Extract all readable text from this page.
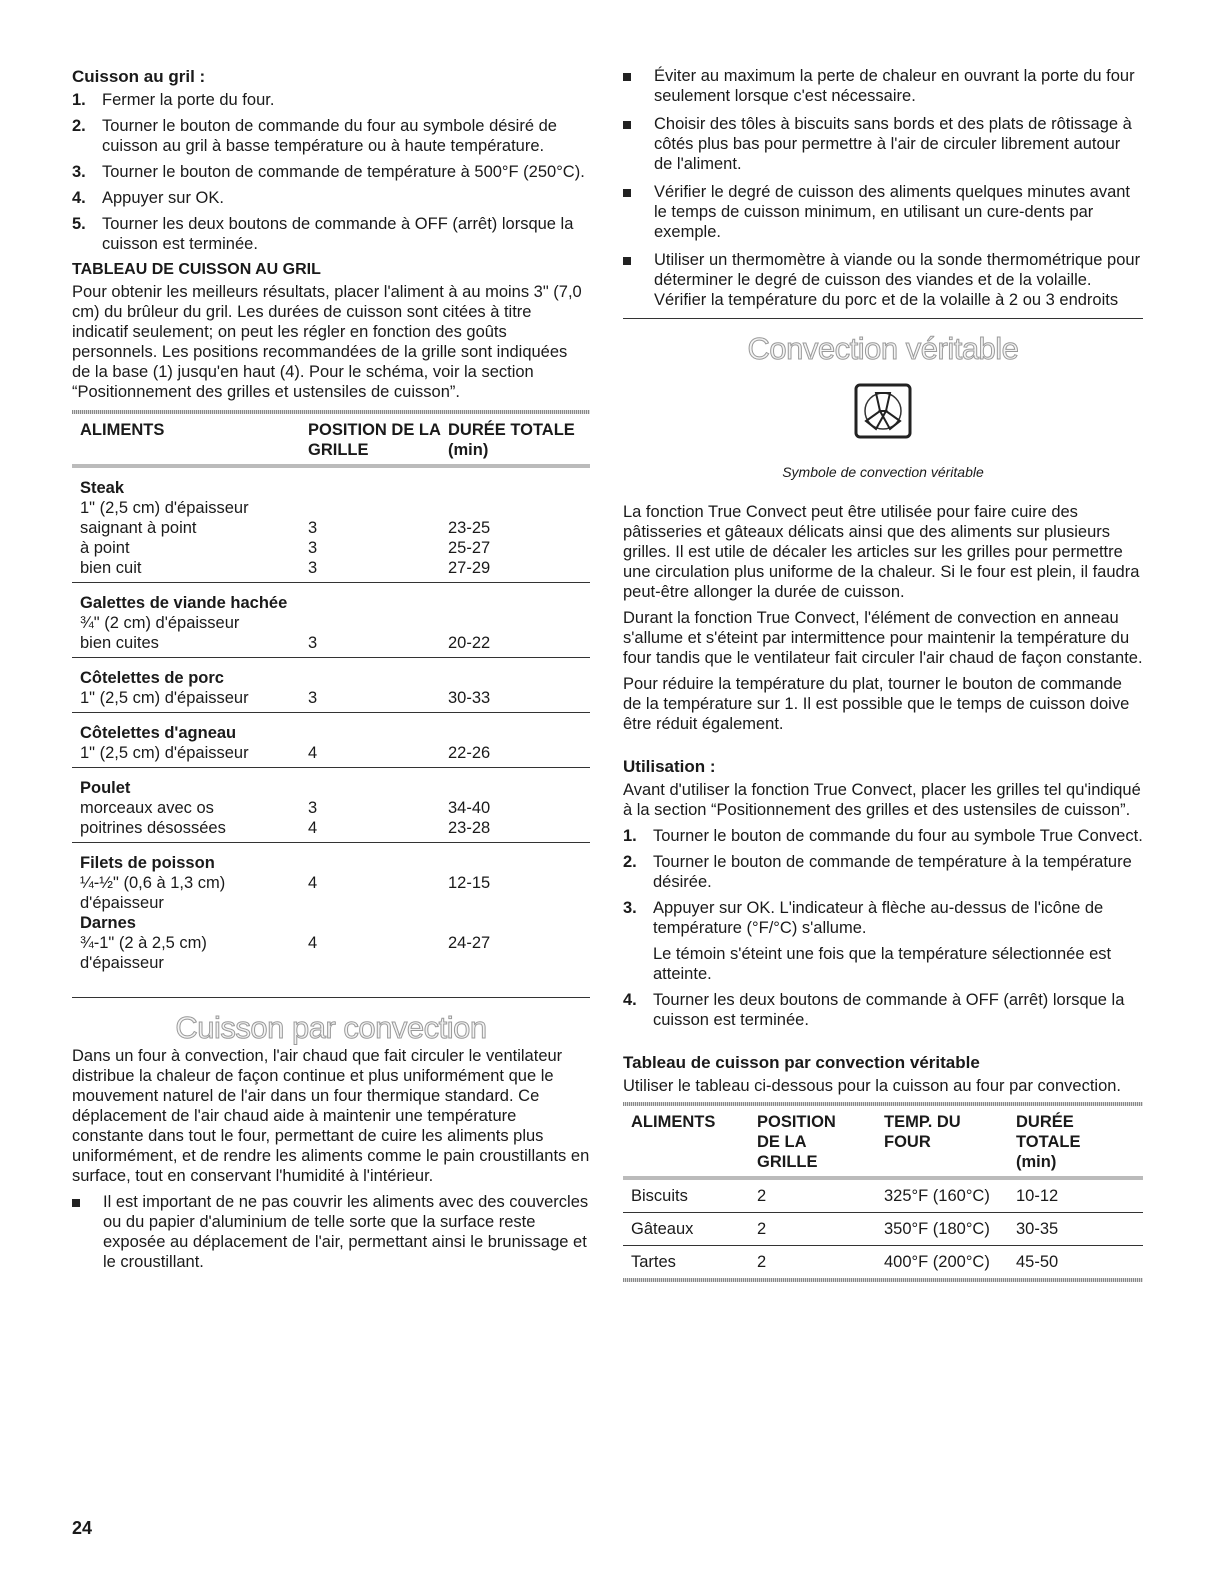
Cuisson au gril :
1. Fermer la porte du four.
2. Tourner le bouton de commande du four au symbole désiré de cuisson au gril à basse température ou à haute température.
3. Tourner le bouton de commande de température à 500°F (250°C).
4. Appuyer sur OK.
5. Tourner les deux boutons de commande à OFF (arrêt) lorsque la cuisson est terminée.
TABLEAU DE CUISSON AU GRIL

Pour obtenir les meilleurs résultats, placer l'aliment à au moins 3" (7,0 cm) du brûleur du gril. Les durées de cuisson sont citées à titre indicatif seulement; on peut les régler en fonction des goûts personnels. Les positions recommandées de la grille sont indiquées de la base (1) jusqu'en haut (4). Pour le schéma, voir la section “Positionnement des grilles et ustensiles de cuisson”.

ALIMENTS	POSITION DE LA GRILLE	DURÉE TOTALE (min)
Steak		
1" (2,5 cm) d'épaisseur		
saignant à point	3	23-25
à point	3	25-27
bien cuit	3	27-29
Galettes de viande hachée		
¾" (2 cm) d'épaisseur		
bien cuites	3	20-22
Côtelettes de porc		
1" (2,5 cm) d'épaisseur	3	30-33
Côtelettes d'agneau		
1" (2,5 cm) d'épaisseur	4	22-26
Poulet		
morceaux avec os	3	34-40
poitrines désossées	4	23-28
Filets de poisson		
¼-½" (0,6 à 1,3 cm)	4	12-15
d'épaisseur		
Darnes		
¾-1" (2 à 2,5 cm)	4	24-27
d'épaisseur		
Cuisson par convection

Dans un four à convection, l'air chaud que fait circuler le ventilateur distribue la chaleur de façon continue et plus uniformément que le mouvement naturel de l'air dans un four thermique standard. Ce déplacement de l'air chaud aide à maintenir une température constante dans tout le four, permettant de cuire les aliments plus uniformément, et de rendre les aliments comme le pain croustillants en surface, tout en conservant l'humidité à l'intérieur.

Il est important de ne pas couvrir les aliments avec des couvercles ou du papier d'aluminium de telle sorte que la surface reste exposée au déplacement de l'air, permettant ainsi le brunissage et le croustillant.
Éviter au maximum la perte de chaleur en ouvrant la porte du four seulement lorsque c'est nécessaire.
Choisir des tôles à biscuits sans bords et des plats de rôtissage à côtés plus bas pour permettre à l'air de circuler librement autour de l'aliment.
Vérifier le degré de cuisson des aliments quelques minutes avant le temps de cuisson minimum, en utilisant un cure-dents par exemple.
Utiliser un thermomètre à viande ou la sonde thermométrique pour déterminer le degré de cuisson des viandes et de la volaille. Vérifier la température du porc et de la volaille à 2 ou 3 endroits
Convection véritable
Symbole de convection véritable

La fonction True Convect peut être utilisée pour faire cuire des pâtisseries et gâteaux délicats ainsi que des aliments sur plusieurs grilles. Il est utile de décaler les articles sur les grilles pour permettre une circulation plus uniforme de la chaleur. Si le four est plein, il faudra peut-être allonger la durée de cuisson.

Durant la fonction True Convect, l'élément de convection en anneau s'allume et s'éteint par intermittence pour maintenir la température du four tandis que le ventilateur fait circuler l'air chaud de façon constante.

Pour réduire la température du plat, tourner le bouton de commande de la température sur 1. Il est possible que le temps de cuisson doive être réduit également.

Utilisation :

Avant d'utiliser la fonction True Convect, placer les grilles tel qu'indiqué à la section “Positionnement des grilles et des ustensiles de cuisson”.

1. Tourner le bouton de commande du four au symbole True Convect.
2. Tourner le bouton de commande de température à la température désirée.
3. Appuyer sur OK. L'indicateur à flèche au-dessus de l'icône de température (°F/°C) s'allume.
Le témoin s'éteint une fois que la température sélectionnée est atteinte.
4. Tourner les deux boutons de commande à OFF (arrêt) lorsque la cuisson est terminée.
Tableau de cuisson par convection véritable

Utiliser le tableau ci-dessous pour la cuisson au four par convection.

ALIMENTS	POSITION DE LA GRILLE	TEMP. DU FOUR	DURÉE TOTALE (min)
Biscuits	2	325°F (160°C)	10-12
Gâteaux	2	350°F (180°C)	30-35
Tartes	2	400°F (200°C)	45-50
24
